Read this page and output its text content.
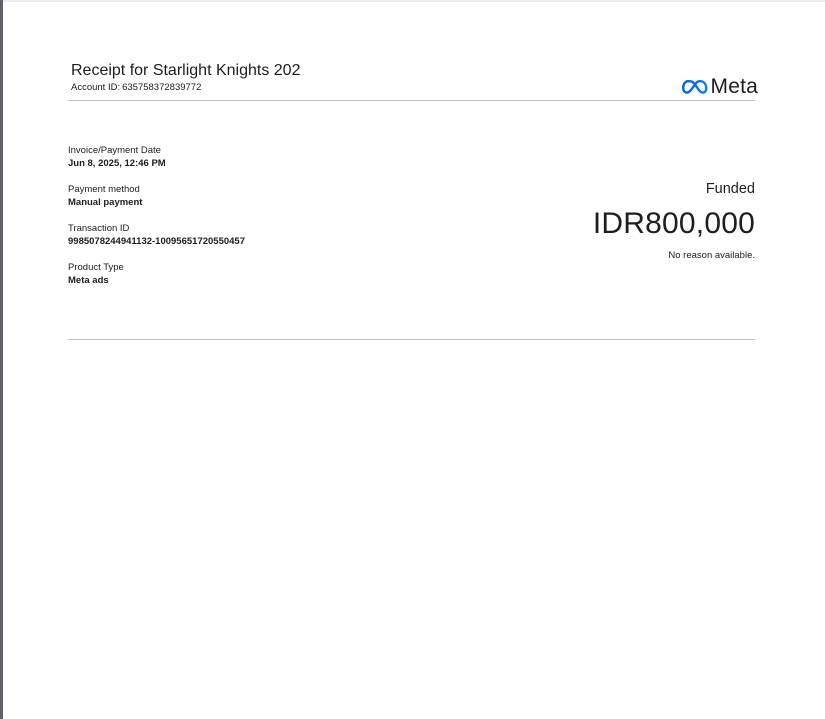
Receipt for Starlight Knights 202
Account ID: 635758372839772	Meta
Invoice/Payment Date
Jun 8, 2025, 12:46 PM
Payment method
Manual payment
Transaction ID
9985078244941132-10095651720550457
Product Type
Meta ads
Funded
IDR800,000
No reason available.
